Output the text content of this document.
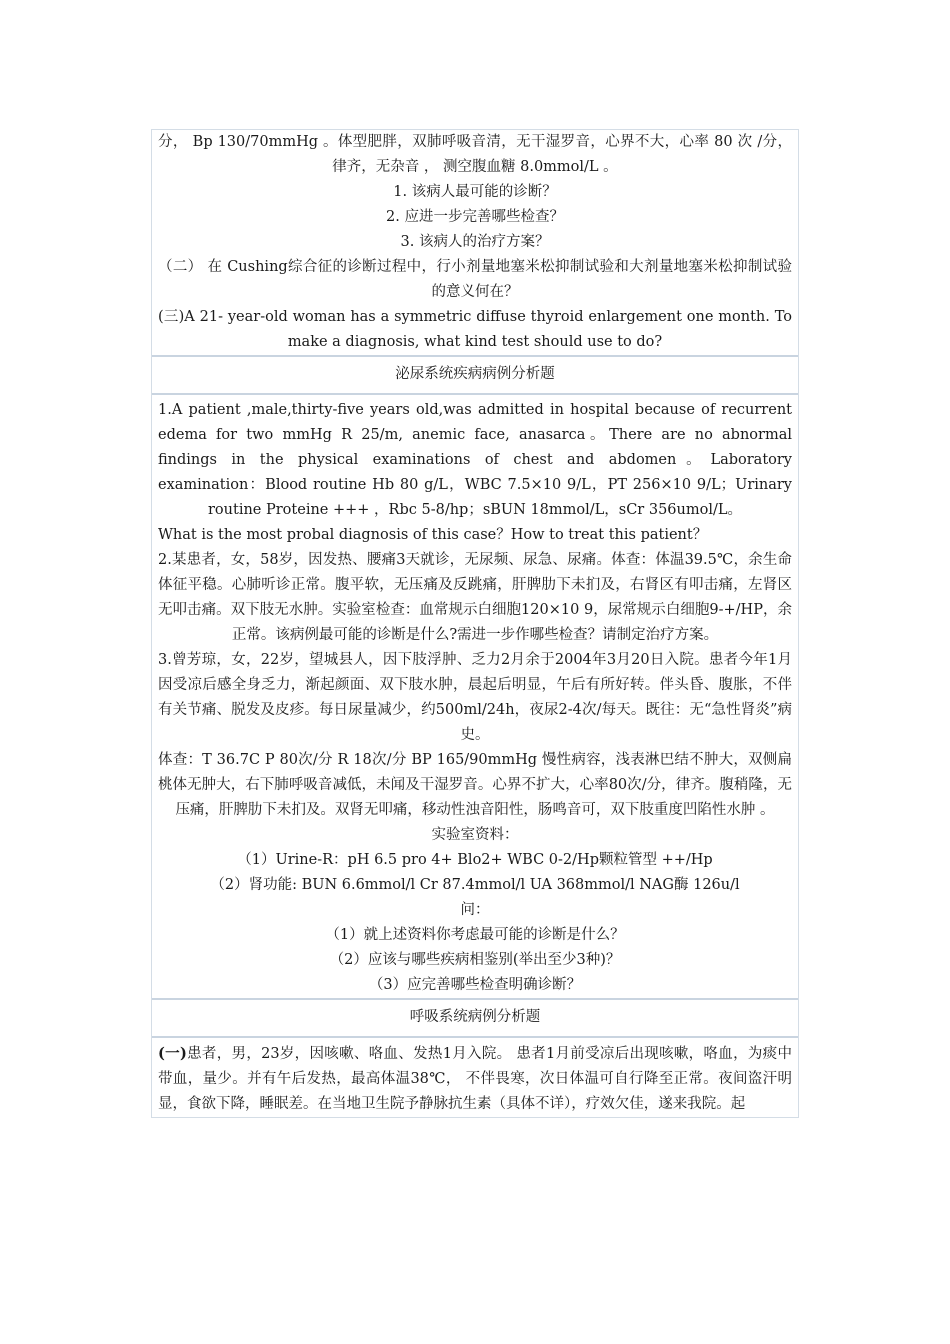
分， Bp 130/70mmHg 。体型肥胖，双肺呼吸音清，无干湿罗音，心界不大，心率 80 次 /分，律齐，无杂音 ， 测空腹血糖 8.0mmol/L 。

1. 该病人最可能的诊断？

2. 应进一步完善哪些检查？

3. 该病人的治疗方案？

（二） 在 Cushing综合征的诊断过程中，行小剂量地塞米松抑制试验和大剂量地塞米松抑制试验的意义何在？

(三)A 21- year-old woman has a symmetric diffuse thyroid enlargement one month. To make a diagnosis, what kind test should use to do?

泌尿系统疾病病例分析题

1.A patient ,male,thirty-five years old,was admitted in hospital because of recurrent edema for two mmHg R 25/m, anemic face, anasarca。There are no abnormal findings in the physical examinations of chest and abdomen。Laboratory examination：Blood routine Hb 80 g/L，WBC 7.5×10 9/L，PT 256×10 9/L；Urinary routine Proteine +++ ，Rbc 5-8/hp；sBUN 18mmol/L，sCr 356umol/L。

What is the most probal diagnosis of this case？How to treat this patient？

2.某患者，女，58岁，因发热、腰痛3天就诊，无尿频、尿急、尿痛。体查：体温39.5℃，余生命体征平稳。心肺听诊正常。腹平软，无压痛及反跳痛，肝脾肋下未扪及，右肾区有叩击痛，左肾区无叩击痛。双下肢无水肿。实验室检查：血常规示白细胞120×10 9，尿常规示白细胞9-+/HP，余正常。该病例最可能的诊断是什么?需进一步作哪些检查？请制定治疗方案。

3.曾芳琼，女，22岁，望城县人，因下肢浮肿、乏力2月余于2004年3月20日入院。患者今年1月因受凉后感全身乏力，渐起颜面、双下肢水肿，晨起后明显，午后有所好转。伴头昏、腹胀，不伴有关节痛、脱发及皮疹。每日尿量减少，约500ml/24h，夜尿2-4次/每天。既往：无“急性肾炎”病史。

体查：T 36.7C P 80次/分 R 18次/分 BP 165/90mmHg 慢性病容，浅表淋巴结不肿大，双侧扁桃体无肿大，右下肺呼吸音减低，未闻及干湿罗音。心界不扩大，心率80次/分，律齐。腹稍隆，无压痛，肝脾肋下未扪及。双肾无叩痛，移动性浊音阳性，肠鸣音可，双下肢重度凹陷性水肿 。

实验室资料：

（1）Urine-R：pH 6.5 pro 4+ Blo2+ WBC 0-2/Hp颗粒管型 ++/Hp

（2）肾功能: BUN 6.6mmol/l Cr 87.4mmol/l UA 368mmol/l NAG酶 126u/l

问：

（1）就上述资料你考虑最可能的诊断是什么？

（2）应该与哪些疾病相鉴别(举出至少3种)？

（3）应完善哪些检查明确诊断？

呼吸系统病例分析题

(一)患者，男，23岁，因咳嗽、咯血、发热1月入院。 患者1月前受凉后出现咳嗽，咯血，为痰中带血，量少。并有午后发热，最高体温38℃， 不伴畏寒，次日体温可自行降至正常。夜间盗汗明显，食欲下降，睡眠差。在当地卫生院予静脉抗生素（具体不详），疗效欠佳，遂来我院。起
